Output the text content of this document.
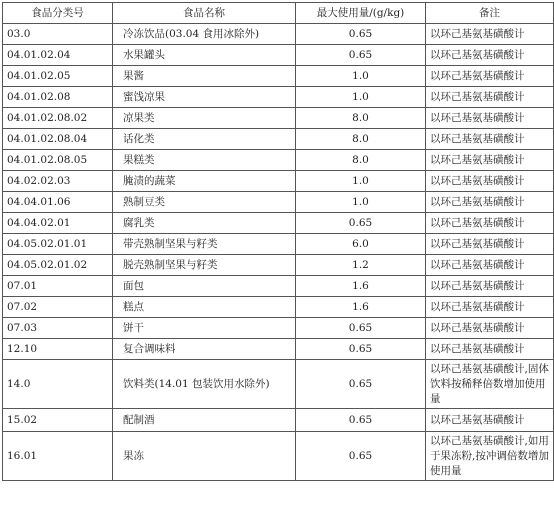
食品分类号	食品名称	最大使用量/(g/kg)	备注
03.0	冷冻饮品(03.04 食用冰除外)	0.65	以环己基氨基磺酸计
04.01.02.04	水果罐头	0.65	以环己基氨基磺酸计
04.01.02.05	果酱	1.0	以环己基氨基磺酸计
04.01.02.08	蜜饯凉果	1.0	以环己基氨基磺酸计
04.01.02.08.02	凉果类	8.0	以环己基氨基磺酸计
04.01.02.08.04	话化类	8.0	以环己基氨基磺酸计
04.01.02.08.05	果糕类	8.0	以环己基氨基磺酸计
04.02.02.03	腌渍的蔬菜	1.0	以环己基氨基磺酸计
04.04.01.06	熟制豆类	1.0	以环己基氨基磺酸计
04.04.02.01	腐乳类	0.65	以环己基氨基磺酸计
04.05.02.01.01	带壳熟制坚果与籽类	6.0	以环己基氨基磺酸计
04.05.02.01.02	脱壳熟制坚果与籽类	1.2	以环己基氨基磺酸计
07.01	面包	1.6	以环己基氨基磺酸计
07.02	糕点	1.6	以环己基氨基磺酸计
07.03	饼干	0.65	以环己基氨基磺酸计
12.10	复合调味料	0.65	以环己基氨基磺酸计
14.0	饮料类(14.01 包装饮用水除外)	0.65	以环己基氨基磺酸计,固体饮料按稀释倍数增加使用量
15.02	配制酒	0.65	以环己基氨基磺酸计
16.01	果冻	0.65	以环己基氨基磺酸计,如用于果冻粉,按冲调倍数增加使用量
